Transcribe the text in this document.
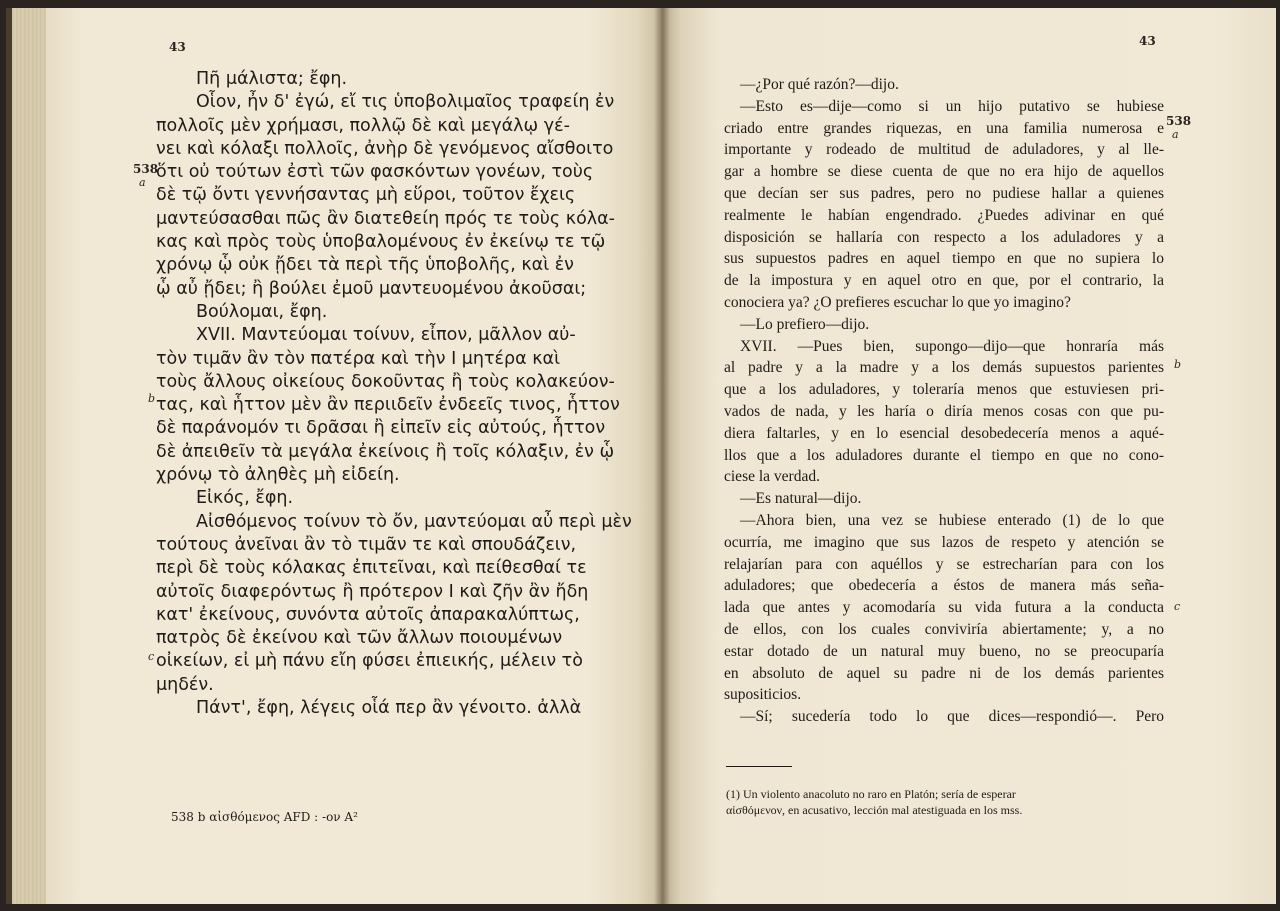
43
Πῆ μάλιστα; ἔφη.
Οἷον, ἦν δ' ἐγώ, εἴ τις ὑποβολιμαῖος τραφείη ἐν
πολλοῖς μὲν χρήμασι, πολλῷ δὲ καὶ μεγάλῳ γέ-
νει καὶ κόλαξι πολλοῖς, ἀνὴρ δὲ γενόμενος αἴσθοιτο
ὅτι οὐ τούτων ἐστὶ τῶν φασκόντων γονέων, τοὺς
δὲ τῷ ὄντι γεννήσαντας μὴ εὕροι, τοῦτον ἔχεις
μαντεύσασθαι πῶς ἂν διατεθείη πρός τε τοὺς κόλα-
κας καὶ πρὸς τοὺς ὑποβαλομένους ἐν ἐκείνῳ τε τῷ
χρόνῳ ᾧ οὐκ ᾔδει τὰ περὶ τῆς ὑποβολῆς, καὶ ἐν
ᾧ αὖ ᾔδει; ἢ βούλει ἐμοῦ μαντευομένου ἀκοῦσαι;
Βούλομαι, ἔφη.
XVII. Μαντεύομαι τοίνυν, εἶπον, μᾶλλον αὐ-
τὸν τιμᾶν ἂν τὸν πατέρα καὶ τὴν Ι μητέρα καὶ
τοὺς ἄλλους οἰκείους δοκοῦντας ἢ τοὺς κολακεύον-
τας, καὶ ἧττον μὲν ἂν περιιδεῖν ἐνδεεῖς τινος, ἧττον
δὲ παράνομόν τι δρᾶσαι ἢ εἰπεῖν εἰς αὐτούς, ἧττον
δὲ ἀπειθεῖν τὰ μεγάλα ἐκείνοις ἢ τοῖς κόλαξιν, ἐν ᾧ
χρόνῳ τὸ ἀληθὲς μὴ εἰδείη.
Εἰκός, ἔφη.
Αἰσθόμενος τοίνυν τὸ ὄν, μαντεύομαι αὖ περὶ μὲν
τούτους ἀνεῖναι ἂν τὸ τιμᾶν τε καὶ σπουδάζειν,
περὶ δὲ τοὺς κόλακας ἐπιτεῖναι, καὶ πείθεσθαί τε
αὐτοῖς διαφερόντως ἢ πρότερον Ι καὶ ζῆν ἂν ἤδη
κατ' ἐκείνους, συνόντα αὐτοῖς ἀπαρακαλύπτως,
πατρὸς δὲ ἐκείνου καὶ τῶν ἄλλων ποιουμένων
οἰκείων, εἰ μὴ πάνυ εἴη φύσει ἐπιεικής, μέλειν τὸ
μηδέν.
Πάντ', ἔφη, λέγεις οἷά περ ἂν γένοιτο. ἀλλὰ
538
a
b
c
538 b αἰσθόμενος AFD : -ον A²
43
—¿Por qué razón?—dijo.
—Esto es—dije—como si un hijo putativo se hubiese
criado entre grandes riquezas, en una familia numerosa e
importante y rodeado de multitud de aduladores, y al lle-
gar a hombre se diese cuenta de que no era hijo de aquellos
que decían ser sus padres, pero no pudiese hallar a quienes
realmente le habían engendrado. ¿Puedes adivinar en qué
disposición se hallaría con respecto a los aduladores y a
sus supuestos padres en aquel tiempo en que no supiera lo
de la impostura y en aquel otro en que, por el contrario, la
conociera ya? ¿O prefieres escuchar lo que yo imagino?
—Lo prefiero—dijo.
XVII. —Pues bien, supongo—dijo—que honraría más
al padre y a la madre y a los demás supuestos parientes
que a los aduladores, y toleraría menos que estuviesen pri-
vados de nada, y les haría o diría menos cosas con que pu-
diera faltarles, y en lo esencial desobedecería menos a aqué-
llos que a los aduladores durante el tiempo en que no cono-
ciese la verdad.
—Es natural—dijo.
—Ahora bien, una vez se hubiese enterado (1) de lo que
ocurría, me imagino que sus lazos de respeto y atención se
relajarían para con aquéllos y se estrecharían para con los
aduladores; que obedecería a éstos de manera más seña-
lada que antes y acomodaría su vida futura a la conducta
de ellos, con los cuales conviviría abiertamente; y, a no
estar dotado de un natural muy bueno, no se preocuparía
en absoluto de aquel su padre ni de los demás parientes
supositicios.
—Sí; sucedería todo lo que dices—respondió—. Pero
538
a
b
c
(1) Un violento anacoluto no raro en Platón; sería de esperar
αἰσθόμενον, en acusativo, lección mal atestiguada en los mss.
